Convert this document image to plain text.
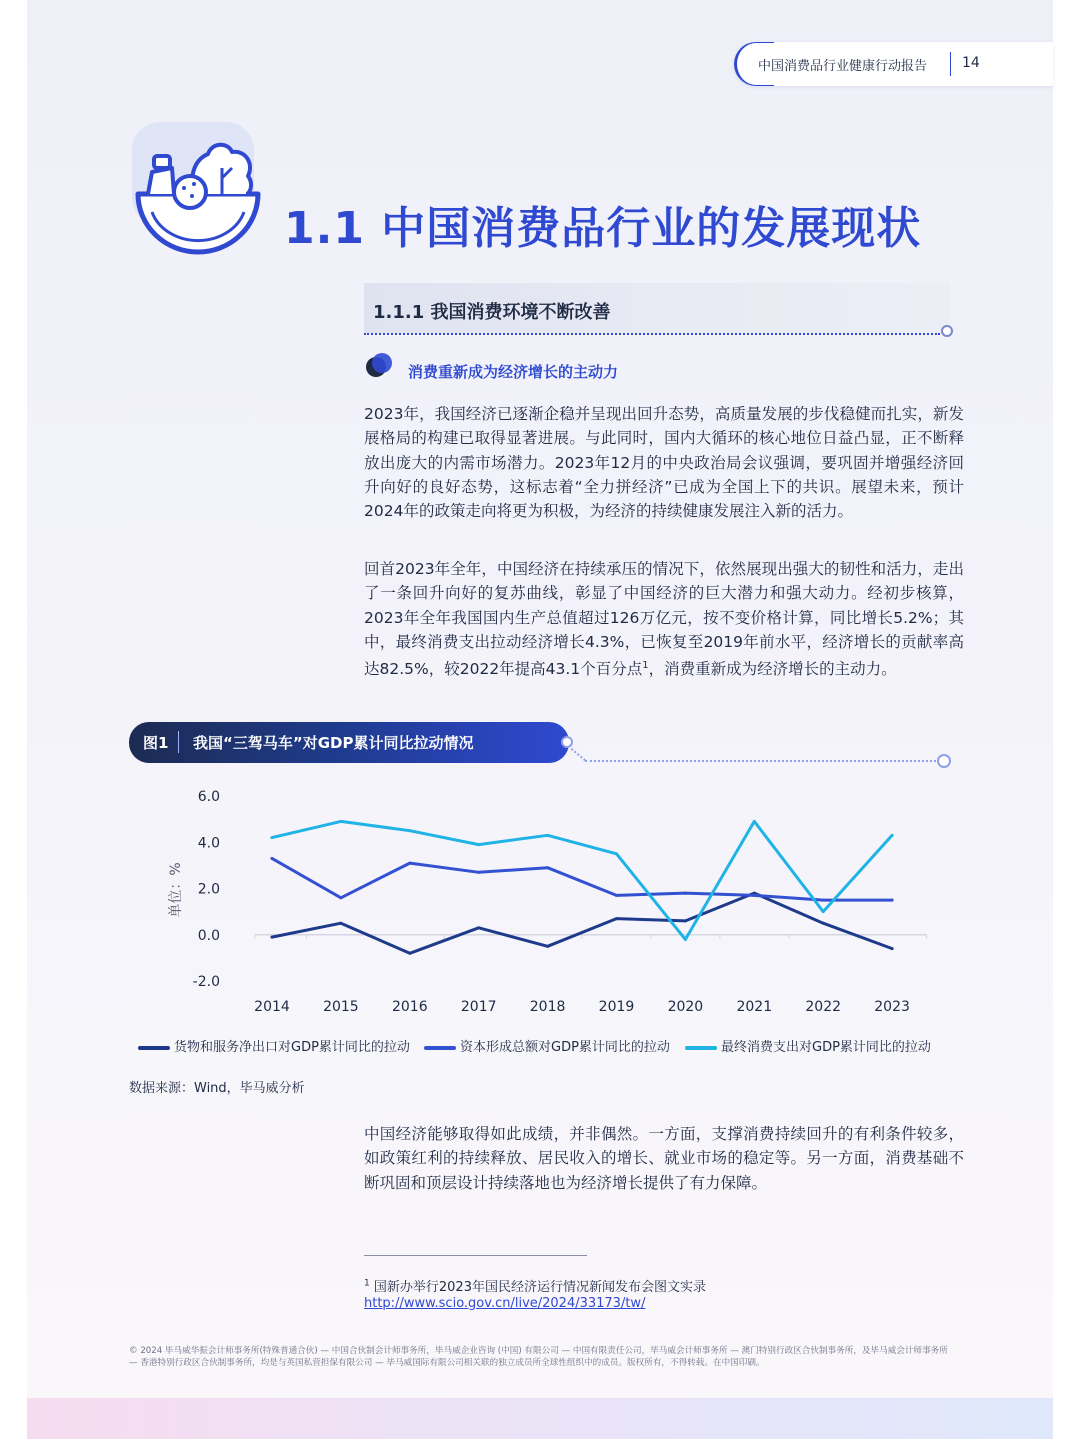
中国消费品行业健康行动报告 14
1.1 中国消费品行业的发展现状
1.1.1 我国消费环境不断改善
消费重新成为经济增长的主动力

2023年，我国经济已逐渐企稳并呈现出回升态势，高质量发展的步伐稳健而扎实，新发展格局的构建已取得显著进展。与此同时，国内大循环的核心地位日益凸显，正不断释放出庞大的内需市场潜力。2023年12月的中央政治局会议强调，要巩固并增强经济回升向好的良好态势，这标志着“全力拼经济”已成为全国上下的共识。展望未来，预计2024年的政策走向将更为积极，为经济的持续健康发展注入新的活力。

回首2023年全年，中国经济在持续承压的情况下，依然展现出强大的韧性和活力，走出了一条回升向好的复苏曲线，彰显了中国经济的巨大潜力和强大动力。经初步核算，2023年全年我国国内生产总值超过126万亿元，按不变价格计算，同比增长5.2%；其中，最终消费支出拉动经济增长4.3%，已恢复至2019年前水平，经济增长的贡献率高达82.5%，较2022年提高43.1个百分点$^1$，消费重新成为经济增长的主动力。

图1 我国“三驾马车”对GDP累计同比拉动情况
6.0
4.0
2.0
0.0
-2.0
单位：%
2014 2015 2016 2017 2018 2019 2020 2021 2022 2023
货物和服务净出口对GDP累计同比的拉动	资本形成总额对GDP累计同比的拉动	最终消费支出对GDP累计同比的拉动
数据来源：Wind，毕马威分析

中国经济能够取得如此成绩，并非偶然。一方面，支撑消费持续回升的有利条件较多，如政策红利的持续释放、居民收入的增长、就业市场的稳定等。另一方面，消费基础不断巩固和顶层设计持续落地也为经济增长提供了有力保障。

$^1$ 国新办举行2023年国民经济运行情况新闻发布会图文实录
http://www.scio.gov.cn/live/2024/33173/tw/

© 2024 毕马威华振会计师事务所(特殊普通合伙) — 中国合伙制会计师事务所，毕马威企业咨询 (中国) 有限公司 — 中国有限责任公司，毕马威会计师事务所 — 澳门特别行政区合伙制事务所，及毕马威会计师事务所 — 香港特别行政区合伙制事务所，均是与英国私营担保有限公司 — 毕马威国际有限公司相关联的独立成员所全球性组织中的成员。版权所有，不得转载。在中国印刷。
